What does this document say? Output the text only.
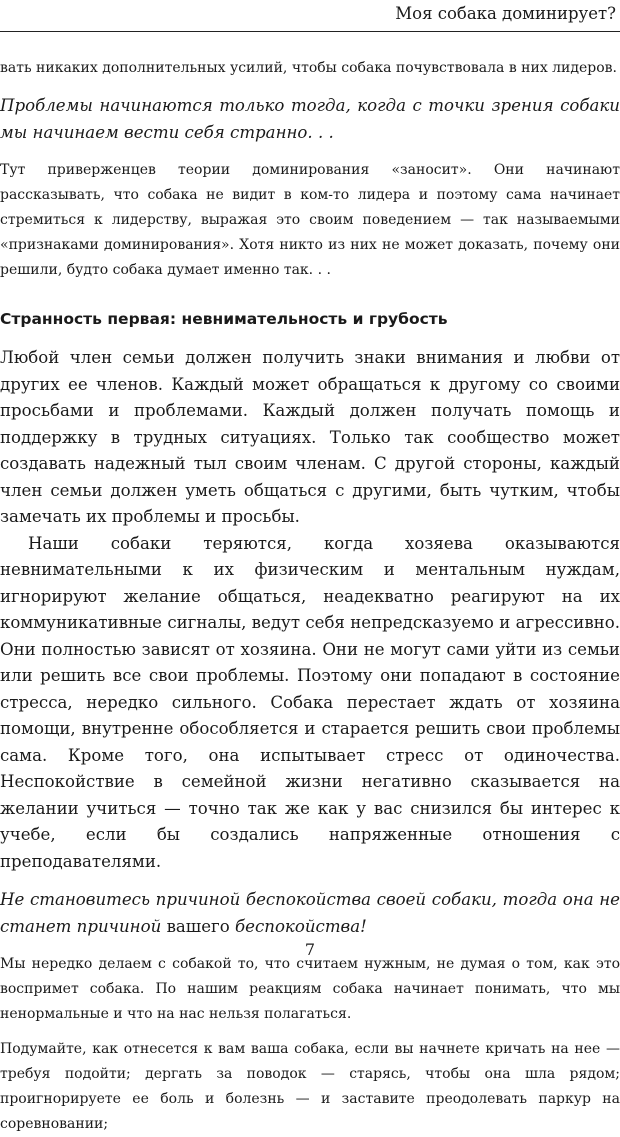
Моя собака доминирует?

вать никаких дополнительных усилий, чтобы собака почувствовала в них лидеров.

Проблемы начинаются только тогда, когда с точки зрения собаки мы начинаем вести себя странно. . .

Тут приверженцев теории доминирования «заносит». Они начинают рассказывать, что собака не видит в ком-то лидера и поэтому сама начинает стремиться к лидерству, выражая это своим поведением — так называемыми «признаками доминирования». Хотя никто из них не может доказать, почему они решили, будто собака думает именно так. . .

Странность первая: невнимательность и грубость

Любой член семьи должен получить знаки внимания и любви от других ее членов. Каждый может обращаться к другому со своими просьбами и проблемами. Каждый должен получать помощь и поддержку в трудных ситуациях. Только так сообщество может создавать надежный тыл своим членам. С другой стороны, каждый член семьи должен уметь общаться с другими, быть чутким, чтобы замечать их проблемы и просьбы.

Наши собаки теряются, когда хозяева оказываются невнимательными к их физическим и ментальным нуждам, игнорируют желание общаться, неадекватно реагируют на их коммуникативные сигналы, ведут себя непредсказуемо и агрессивно. Они полностью зависят от хозяина. Они не могут сами уйти из семьи или решить все свои проблемы. Поэтому они попадают в состояние стресса, нередко сильного. Собака перестает ждать от хозяина помощи, внутренне обособляется и старается решить свои проблемы сама. Кроме того, она испытывает стресс от одиночества. Неспокойствие в семейной жизни негативно сказывается на желании учиться — точно так же как у вас снизился бы интерес к учебе, если бы создались напряженные отношения с преподавателями.

Не становитесь причиной беспокойства своей собаки, тогда она не станет причиной вашего беспокойства!

Мы нередко делаем с собакой то, что считаем нужным, не думая о том, как это воспримет собака. По нашим реакциям собака начинает понимать, что мы ненормальные и что на нас нельзя полагаться.

Подумайте, как отнесется к вам ваша собака, если вы начнете кричать на нее — требуя подойти; дергать за поводок — старясь, чтобы она шла рядом; проигнорируете ее боль и болезнь — и заставите преодолевать паркур на соревновании;

7
